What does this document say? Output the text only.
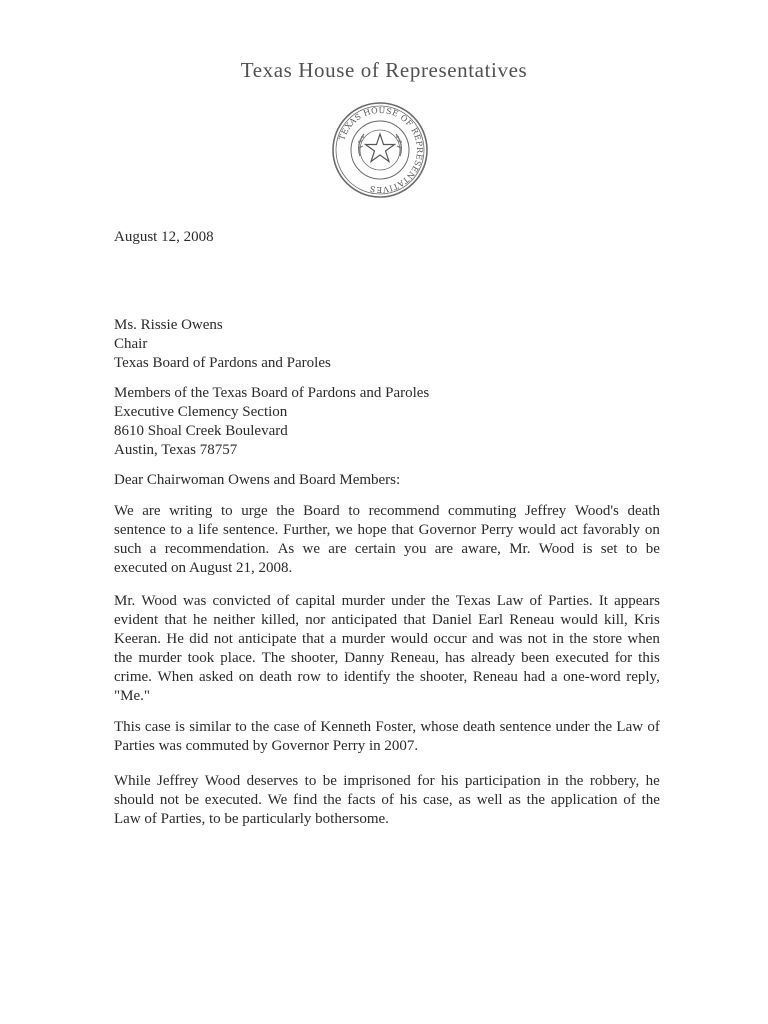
Texas House of Representatives
TEXAS HOUSE OF REPRESENTATIVES
August 12, 2008
Ms. Rissie Owens
Chair
Texas Board of Pardons and Paroles
Members of the Texas Board of Pardons and Paroles
Executive Clemency Section
8610 Shoal Creek Boulevard
Austin, Texas 78757
Dear Chairwoman Owens and Board Members:
We are writing to urge the Board to recommend commuting Jeffrey Wood's death
sentence to a life sentence. Further, we hope that Governor Perry would act favorably on
such a recommendation. As we are certain you are aware, Mr. Wood is set to be
executed on August 21, 2008.
Mr. Wood was convicted of capital murder under the Texas Law of Parties. It appears
evident that he neither killed, nor anticipated that Daniel Earl Reneau would kill, Kris
Keeran. He did not anticipate that a murder would occur and was not in the store when
the murder took place. The shooter, Danny Reneau, has already been executed for this
crime. When asked on death row to identify the shooter, Reneau had a one-word reply,
"Me."
This case is similar to the case of Kenneth Foster, whose death sentence under the Law of
Parties was commuted by Governor Perry in 2007.
While Jeffrey Wood deserves to be imprisoned for his participation in the robbery, he
should not be executed. We find the facts of his case, as well as the application of the
Law of Parties, to be particularly bothersome.
